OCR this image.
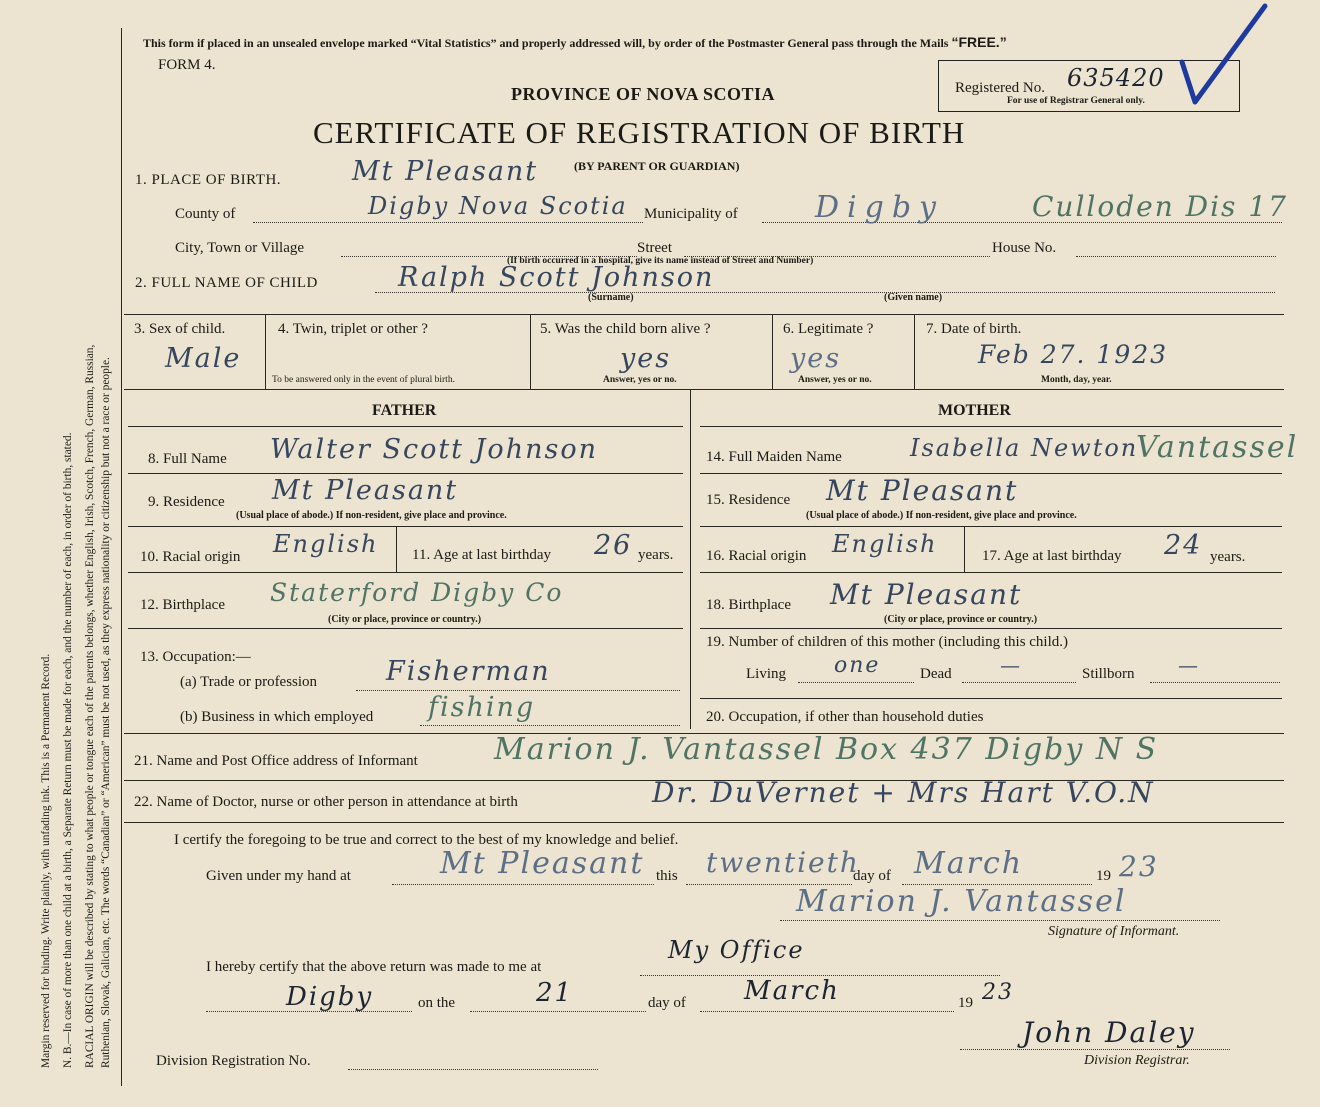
Margin reserved for binding. Write plainly, with unfading ink. This is a Permanent Record. N. B.—In case of more than one child at a birth, a Separate Return must be made for each, and the number of each, in order of birth, stated. RACIAL ORIGIN will be described by stating to what people or tongue each of the parents belongs, whether English, Irish, Scotch, French, German, Russian, Ruthenian, Slovak, Galician, etc. The words “Canadian” or “American” must be not used, as they express nationality or citizenship but not a race or people.
This form if placed in an unsealed envelope marked “Vital Statistics” and properly addressed will, by order of the Postmaster General pass through the Mails “FREE.”
FORM 4.
PROVINCE OF NOVA SCOTIA	Registered No. 635420
For use of Registrar General only.
CERTIFICATE OF REGISTRATION OF BIRTH
(BY PARENT OR GUARDIAN)
1. PLACE OF BIRTH.	Mt Pleasant
County of	Digby Nova Scotia Municipality of	Digby	Culloden Dis 17
City, Town or Village	Street	House No.
(If birth occurred in a hospital, give its name instead of Street and Number)
2. FULL NAME OF CHILD	Ralph Scott Johnson
(Surname)	(Given name)
3. Sex of child.
Male
4. Twin, triplet or other ?
To be answered only in the event of plural birth.
5. Was the child born alive ?
yes
Answer, yes or no.
6. Legitimate ?
yes
Answer, yes or no.
7. Date of birth.
Feb 27. 1923
Month, day, year.
FATHER	MOTHER
8. Full Name Walter Scott Johnson
9. Residence Mt Pleasant
(Usual place of abode.) If non-resident, give place and province.
10. Racial origin English 11. Age at last birthday 26 years.
12. Birthplace Staterford Digby Co
(City or place, province or country.)
13. Occupation:—
(a) Trade or profession	Fisherman
(b) Business in which employed fishing
14. Full Maiden Name	Isabella Newton
Vantassel
15. Residence Mt Pleasant
(Usual place of abode.) If non-resident, give place and province.
16. Racial origin English	17. Age at last birthday 24 years.
18. Birthplace Mt Pleasant
(City or place, province or country.)
19. Number of children of this mother (including this child.)
Living one	Dead —	Stillborn —
20. Occupation, if other than household duties
21. Name and Post Office address of Informant	Marion J. Vantassel Box 437 Digby N S
22. Name of Doctor, nurse or other person in attendance at birth	Dr. DuVernet + Mrs Hart V.O.N
I certify the foregoing to be true and correct to the best of my knowledge and belief.
Given under my hand at	Mt Pleasant this twentieth
day of March	19 23
Marion J. Vantassel
Signature of Informant.
I hereby certify that the above return was made to me at
My Office
Digby	on the	21	day of March	19 23
John Daley
Division Registration No.	Division Registrar.
